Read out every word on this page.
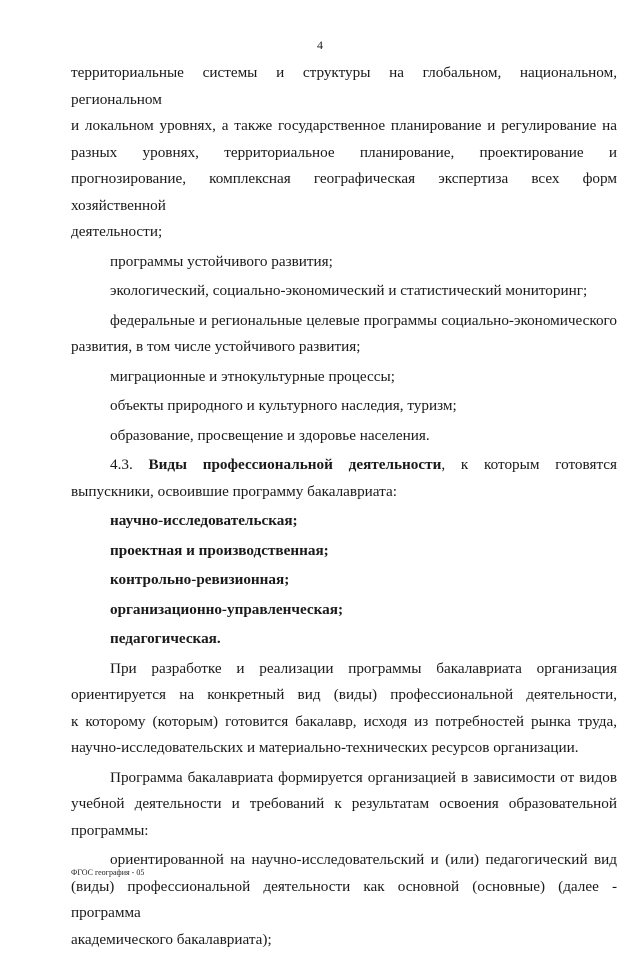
4

территориальные системы и структуры на глобальном, национальном, региональном

и локальном уровнях, а также государственное планирование и регулирование на

разных уровнях, территориальное планирование, проектирование и

прогнозирование, комплексная географическая экспертиза всех форм хозяйственной

деятельности;

программы устойчивого развития;

экологический, социально-экономический и статистический мониторинг;

федеральные и региональные целевые программы социально-экономического

развития, в том числе устойчивого развития;

миграционные и этнокультурные процессы;

объекты природного и культурного наследия, туризм;

образование, просвещение и здоровье населения.

4.3. Виды профессиональной деятельности, к которым готовятся

выпускники, освоившие программу бакалавриата:

научно-исследовательская;

проектная и производственная;

контрольно-ревизионная;

организационно-управленческая;

педагогическая.

При разработке и реализации программы бакалавриата организация

ориентируется на конкретный вид (виды) профессиональной деятельности,

к которому (которым) готовится бакалавр, исходя из потребностей рынка труда,

научно-исследовательских и материально-технических ресурсов организации.

Программа бакалавриата формируется организацией в зависимости от видов

учебной деятельности и требований к результатам освоения образовательной

программы:

ориентированной на научно-исследовательский и (или) педагогический вид

(виды) профессиональной деятельности как основной (основные) (далее - программа

академического бакалавриата);

ФГОС география - 05
